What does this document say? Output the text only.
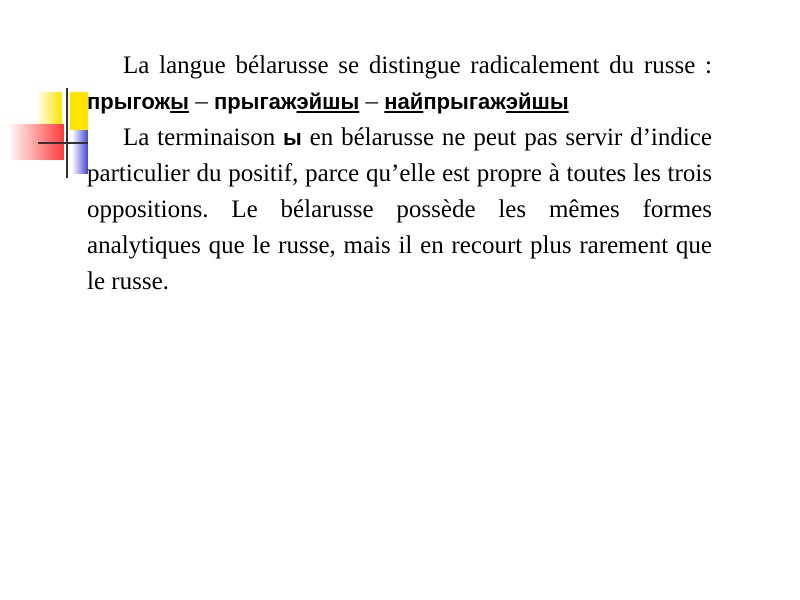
La langue bélarusse se distingue radicalement du russe : прыгожы – прыгажэйшы – найпрыгажэйшы

La terminaison ы en bélarusse ne peut pas servir d’indice particulier du positif, parce qu’elle est propre à toutes les trois oppositions. Le bélarusse possède les mêmes formes analytiques que le russe, mais il en recourt plus rarement que le russe.
